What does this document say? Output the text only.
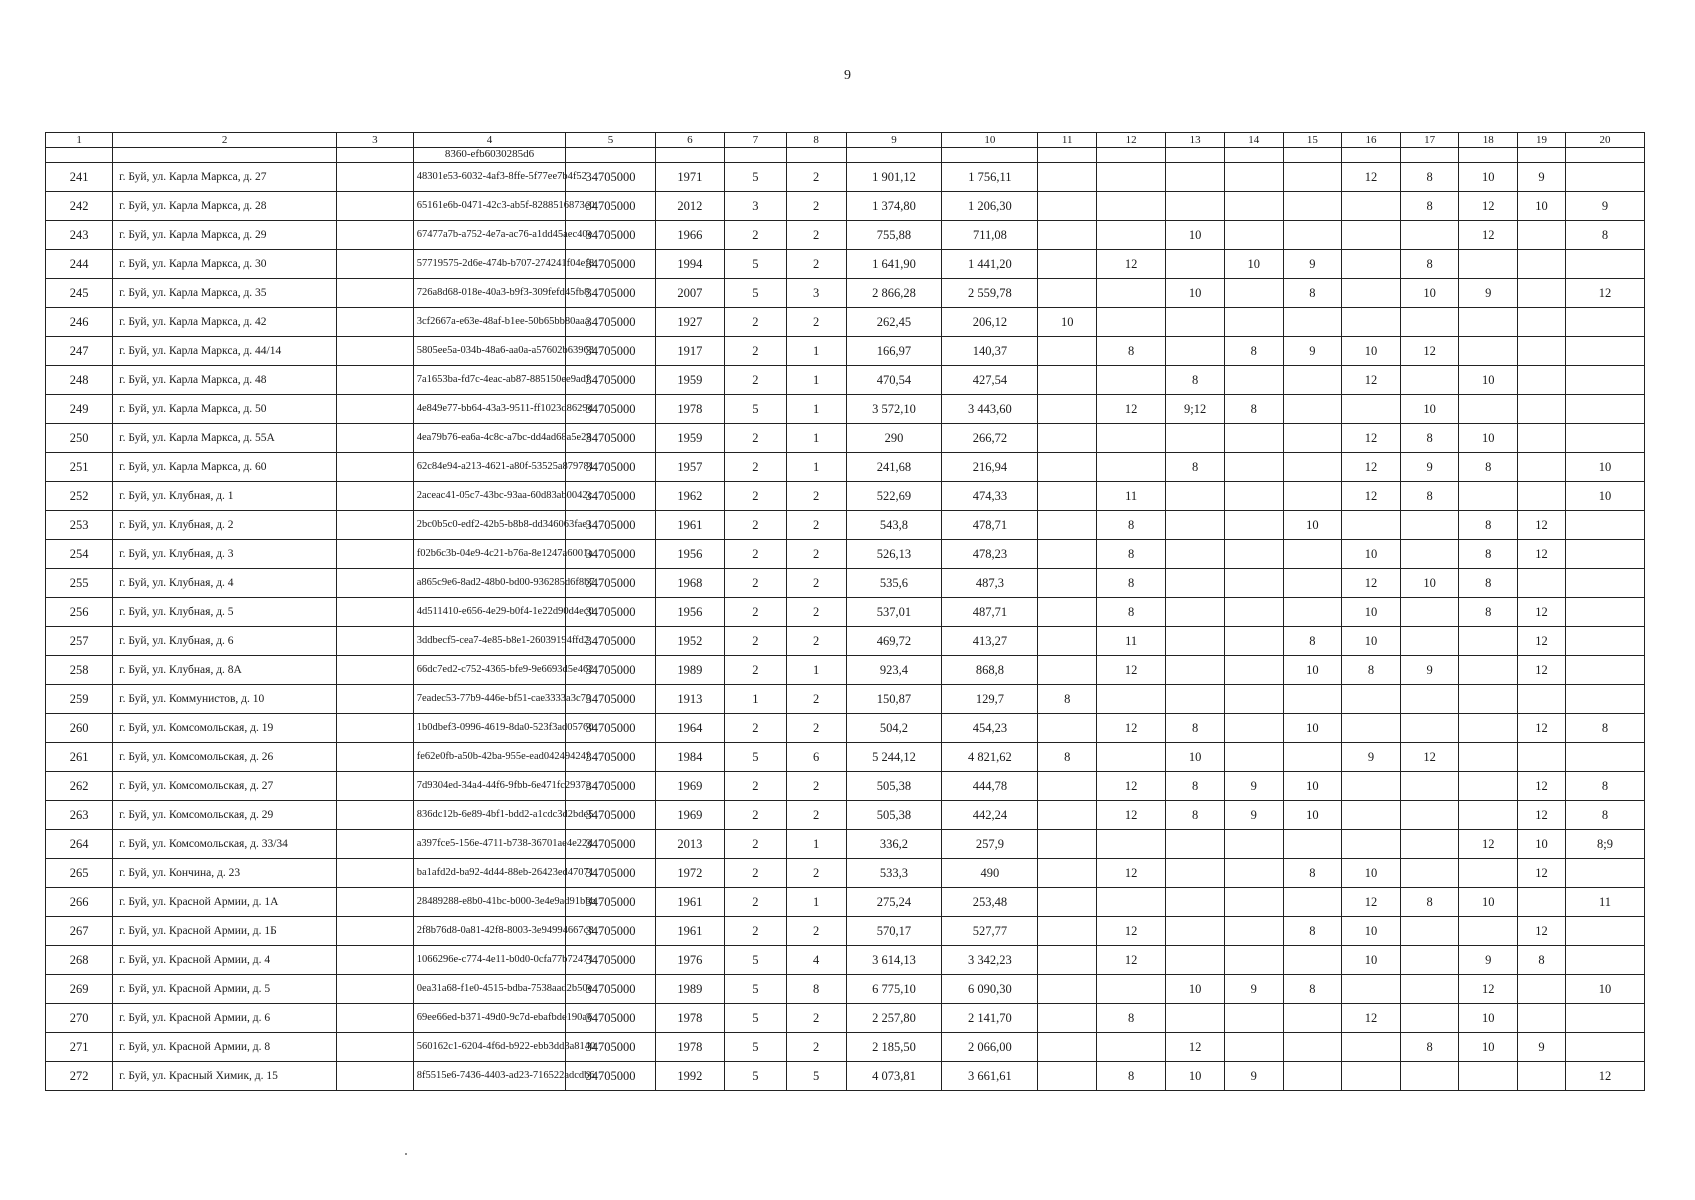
9
1	2	3	4	5	6	7	8	9	10	11	12	13	14	15	16	17	18	19	20
			8360-efb6030285d6																
241	г. Буй, ул. Карла Маркса, д. 27		48301e53-6032-4af3-8ffe-5f77ee7b4f52	34705000	1971	5	2	1 901,12	1 756,11						12	8	10	9	
242	г. Буй, ул. Карла Маркса, д. 28		65161e6b-0471-42c3-ab5f-8288516873e0	34705000	2012	3	2	1 374,80	1 206,30							8	12	10	9
243	г. Буй, ул. Карла Маркса, д. 29		67477a7b-a752-4e7a-ac76-a1dd45aec40e	34705000	1966	2	2	755,88	711,08			10					12		8
244	г. Буй, ул. Карла Маркса, д. 30		57719575-2d6e-474b-b707-274241f04ef8	34705000	1994	5	2	1 641,90	1 441,20		12		10	9		8			
245	г. Буй, ул. Карла Маркса, д. 35		726a8d68-018e-40a3-b9f3-309fefd45fb8	34705000	2007	5	3	2 866,28	2 559,78			10		8		10	9		12
246	г. Буй, ул. Карла Маркса, д. 42		3cf2667a-e63e-48af-b1ee-50b65bb80aaa	34705000	1927	2	2	262,45	206,12	10									
247	г. Буй, ул. Карла Маркса, д. 44/14		5805ee5a-034b-48a6-aa0a-a57602b63963	34705000	1917	2	1	166,97	140,37		8		8	9	10	12			
248	г. Буй, ул. Карла Маркса, д. 48		7a1653ba-fd7c-4eac-ab87-885150ee9adf	34705000	1959	2	1	470,54	427,54			8			12		10		
249	г. Буй, ул. Карла Маркса, д. 50		4e849e77-bb64-43a3-9511-ff1023d8629d	34705000	1978	5	1	3 572,10	3 443,60		12	9;12	8			10			
250	г. Буй, ул. Карла Маркса, д. 55А		4ea79b76-ea6a-4c8c-a7bc-dd4ad68a5e28	34705000	1959	2	1	290	266,72						12	8	10		
251	г. Буй, ул. Карла Маркса, д. 60		62c84e94-a213-4621-a80f-53525a879781	34705000	1957	2	1	241,68	216,94			8			12	9	8		10
252	г. Буй, ул. Клубная, д. 1		2aceac41-05c7-43bc-93aa-60d83ab0042c	34705000	1962	2	2	522,69	474,33		11				12	8			10
253	г. Буй, ул. Клубная, д. 2		2bc0b5c0-edf2-42b5-b8b8-dd346063fae1	34705000	1961	2	2	543,8	478,71		8			10			8	12	
254	г. Буй, ул. Клубная, д. 3		f02b6c3b-04e9-4c21-b76a-8e1247a6001a	34705000	1956	2	2	526,13	478,23		8				10		8	12	
255	г. Буй, ул. Клубная, д. 4		a865c9e6-8ad2-48b0-bd00-936285d6f8b7	34705000	1968	2	2	535,6	487,3		8				12	10	8		
256	г. Буй, ул. Клубная, д. 5		4d511410-e656-4e29-b0f4-1e22d90d4ec0	34705000	1956	2	2	537,01	487,71		8				10		8	12	
257	г. Буй, ул. Клубная, д. 6		3ddbecf5-cea7-4e85-b8e1-26039194ffd2	34705000	1952	2	2	469,72	413,27		11			8	10			12	
258	г. Буй, ул. Клубная, д. 8А		66dc7ed2-c752-4365-bfe9-9e6693d5e462	34705000	1989	2	1	923,4	868,8		12			10	8	9		12	
259	г. Буй, ул. Коммунистов, д. 10		7eadec53-77b9-446e-bf51-cae3333a3c70	34705000	1913	1	2	150,87	129,7	8									
260	г. Буй, ул. Комсомольская, д. 19		1b0dbef3-0996-4619-8da0-523f3ad05760	34705000	1964	2	2	504,2	454,23		12	8		10				12	8
261	г. Буй, ул. Комсомольская, д. 26		fe62e0fb-a50b-42ba-955e-ead04249424f	34705000	1984	5	6	5 244,12	4 821,62	8		10			9	12			
262	г. Буй, ул. Комсомольская, д. 27		7d9304ed-34a4-44f6-9fbb-6e471fc2937e	34705000	1969	2	2	505,38	444,78		12	8	9	10				12	8
263	г. Буй, ул. Комсомольская, д. 29		836dc12b-6e89-4bf1-bdd2-a1cdc3d2bde5	34705000	1969	2	2	505,38	442,24		12	8	9	10				12	8
264	г. Буй, ул. Комсомольская, д. 33/34		a397fce5-156e-4711-b738-36701ae4e22d	34705000	2013	2	1	336,2	257,9								12	10	8;9
265	г. Буй, ул. Кончина, д. 23		ba1afd2d-ba92-4d44-88eb-26423ed47071	34705000	1972	2	2	533,3	490		12			8	10			12	
266	г. Буй, ул. Красной Армии, д. 1А		28489288-e8b0-41bc-b000-3e4e9ad91bbb	34705000	1961	2	1	275,24	253,48						12	8	10		11
267	г. Буй, ул. Красной Армии, д. 1Б		2f8b76d8-0a81-42f8-8003-3e94994667c8	34705000	1961	2	2	570,17	527,77		12			8	10			12	
268	г. Буй, ул. Красной Армии, д. 4		1066296e-c774-4e11-b0d0-0cfa77b72471	34705000	1976	5	4	3 614,13	3 342,23		12				10		9	8	
269	г. Буй, ул. Красной Армии, д. 5		0ea31a68-f1e0-4515-bdba-7538aad2b50e	34705000	1989	5	8	6 775,10	6 090,30			10	9	8			12		10
270	г. Буй, ул. Красной Армии, д. 6		69ee66ed-b371-49d0-9c7d-ebafbde190a6	34705000	1978	5	2	2 257,80	2 141,70		8				12		10		
271	г. Буй, ул. Красной Армии, д. 8		560162c1-6204-4f6d-b922-ebb3dd3a8140	34705000	1978	5	2	2 185,50	2 066,00			12				8	10	9	
272	г. Буй, ул. Красный Химик, д. 15		8f5515e6-7436-4403-ad23-716522adcdb6	34705000	1992	5	5	4 073,81	3 661,61		8	10	9						12
